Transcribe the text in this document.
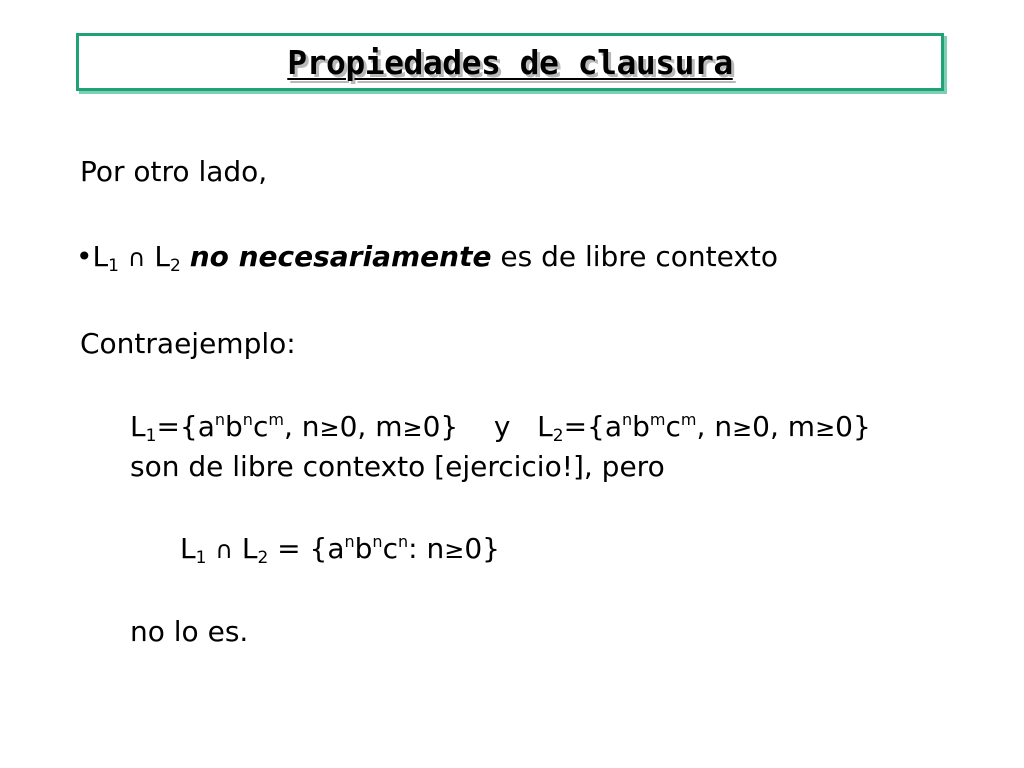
Propiedades de clausura
Por otro lado,
$•L_1$ ∩ $L_2$ no necesariamente es de libre contexto
Contraejemplo:
$L_1=\{a^nb^nc^m$, n≥0, m≥0} y $L_2=\{a^nb^mc^m$, n≥0, m≥0}
son de libre contexto [ejercicio!], pero
$L_1$ ∩ $L_2 = \{a^nb^nc^n$: n≥0}
no lo es.
